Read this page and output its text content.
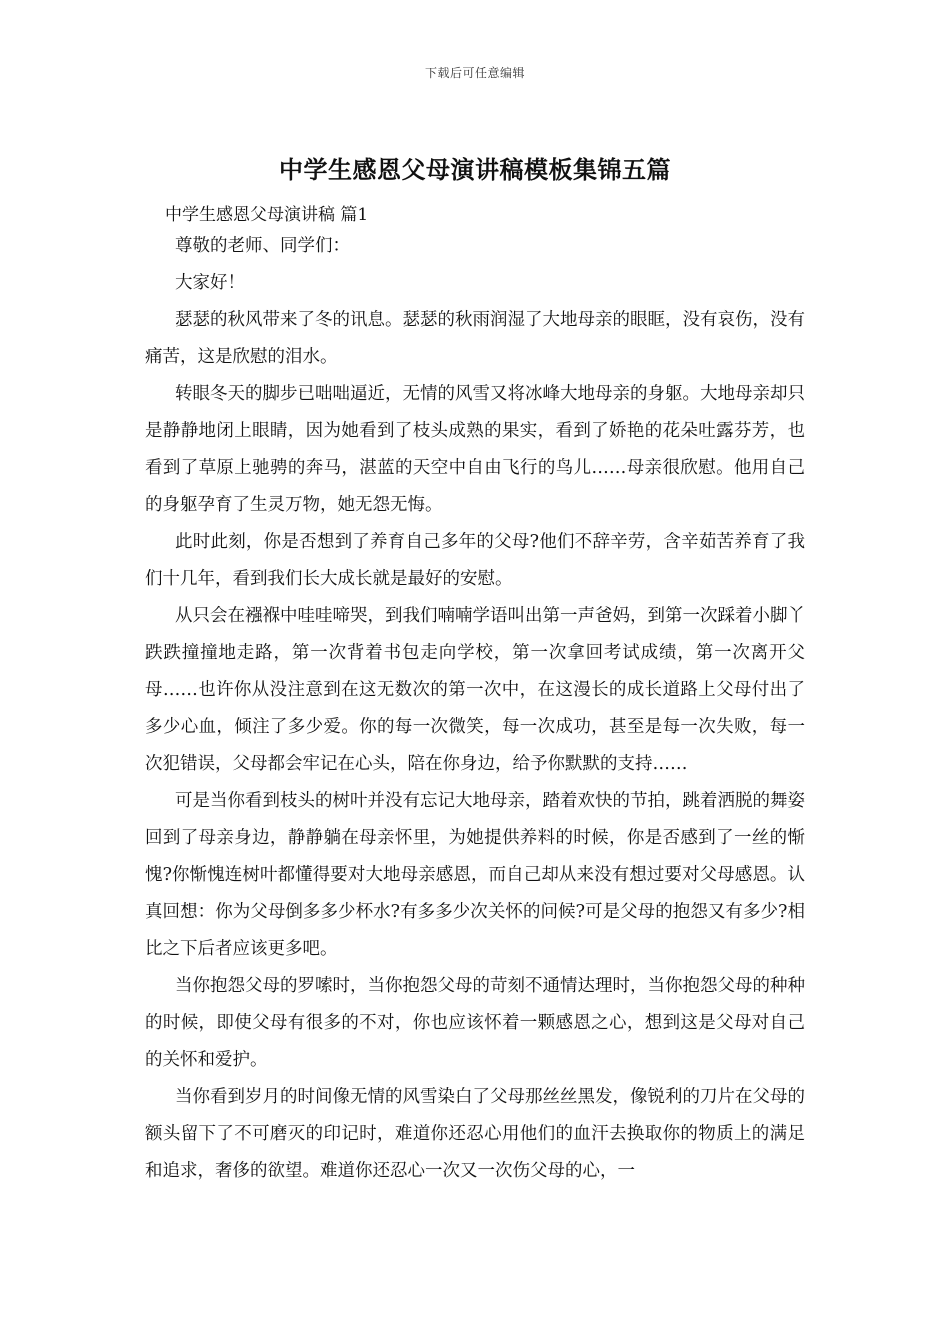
下载后可任意编辑
中学生感恩父母演讲稿模板集锦五篇
中学生感恩父母演讲稿 篇1

尊敬的老师、同学们：

大家好！

瑟瑟的秋风带来了冬的讯息。瑟瑟的秋雨润湿了大地母亲的眼眶，没有哀伤，没有痛苦，这是欣慰的泪水。

转眼冬天的脚步已咄咄逼近，无情的风雪又将冰峰大地母亲的身躯。大地母亲却只是静静地闭上眼睛，因为她看到了枝头成熟的果实，看到了娇艳的花朵吐露芬芳，也看到了草原上驰骋的奔马，湛蓝的天空中自由飞行的鸟儿……母亲很欣慰。他用自己的身躯孕育了生灵万物，她无怨无悔。

此时此刻，你是否想到了养育自己多年的父母?他们不辞辛劳，含辛茹苦养育了我们十几年，看到我们长大成长就是最好的安慰。

从只会在襁褓中哇哇啼哭，到我们喃喃学语叫出第一声爸妈，到第一次踩着小脚丫跌跌撞撞地走路，第一次背着书包走向学校，第一次拿回考试成绩，第一次离开父母……也许你从没注意到在这无数次的第一次中，在这漫长的成长道路上父母付出了多少心血，倾注了多少爱。你的每一次微笑，每一次成功，甚至是每一次失败，每一次犯错误，父母都会牢记在心头，陪在你身边，给予你默默的支持……

可是当你看到枝头的树叶并没有忘记大地母亲，踏着欢快的节拍，跳着洒脱的舞姿回到了母亲身边，静静躺在母亲怀里，为她提供养料的时候，你是否感到了一丝的惭愧?你惭愧连树叶都懂得要对大地母亲感恩，而自己却从来没有想过要对父母感恩。认真回想：你为父母倒多多少杯水?有多多少次关怀的问候?可是父母的抱怨又有多少?相比之下后者应该更多吧。

当你抱怨父母的罗嗦时，当你抱怨父母的苛刻不通情达理时，当你抱怨父母的种种的时候，即使父母有很多的不对，你也应该怀着一颗感恩之心，想到这是父母对自己的关怀和爱护。

当你看到岁月的时间像无情的风雪染白了父母那丝丝黑发，像锐利的刀片在父母的额头留下了不可磨灭的印记时，难道你还忍心用他们的血汗去换取你的物质上的满足和追求，奢侈的欲望。难道你还忍心一次又一次伤父母的心，一
